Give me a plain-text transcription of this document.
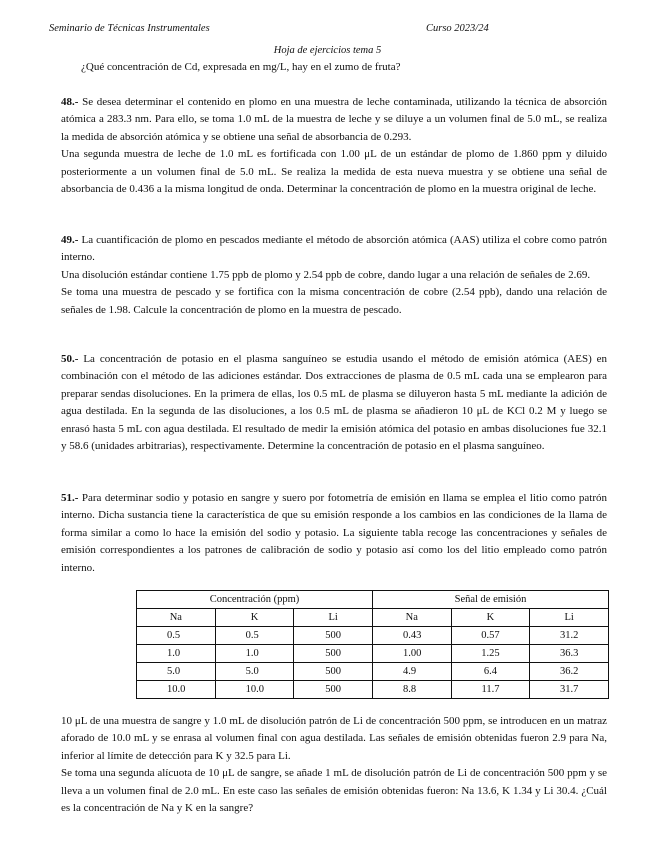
Seminario de Técnicas Instrumentales	Curso 2023/24
Hoja de ejercicios tema 5
¿Qué concentración de Cd, expresada en mg/L, hay en el zumo de fruta?

48.- Se desea determinar el contenido en plomo en una muestra de leche contaminada, utilizando la técnica de absorción atómica a 283.3 nm. Para ello, se toma 1.0 mL de la muestra de leche y se diluye a un volumen final de 5.0 mL, se realiza la medida de absorción atómica y se obtiene una señal de absorbancia de 0.293.

Una segunda muestra de leche de 1.0 mL es fortificada con 1.00 μL de un estándar de plomo de 1.860 ppm y diluido posteriormente a un volumen final de 5.0 mL. Se realiza la medida de esta nueva muestra y se obtiene una señal de absorbancia de 0.436 a la misma longitud de onda. Determinar la concentración de plomo en la muestra original de leche.

49.- La cuantificación de plomo en pescados mediante el método de absorción atómica (AAS) utiliza el cobre como patrón interno.

Una disolución estándar contiene 1.75 ppb de plomo y 2.54 ppb de cobre, dando lugar a una relación de señales de 2.69.

Se toma una muestra de pescado y se fortifica con la misma concentración de cobre (2.54 ppb), dando una relación de señales de 1.98. Calcule la concentración de plomo en la muestra de pescado.

50.- La concentración de potasio en el plasma sanguíneo se estudia usando el método de emisión atómica (AES) en combinación con el método de las adiciones estándar. Dos extracciones de plasma de 0.5 mL cada una se emplearon para preparar sendas disoluciones. En la primera de ellas, los 0.5 mL de plasma se diluyeron hasta 5 mL mediante la adición de agua destilada. En la segunda de las disoluciones, a los 0.5 mL de plasma se añadieron 10 μL de KCl 0.2 M y luego se enrasó hasta 5 mL con agua destilada. El resultado de medir la emisión atómica del potasio en ambas disoluciones fue 32.1 y 58.6 (unidades arbitrarias), respectivamente. Determine la concentración de potasio en el plasma sanguíneo.

51.- Para determinar sodio y potasio en sangre y suero por fotometría de emisión en llama se emplea el litio como patrón interno. Dicha sustancia tiene la característica de que su emisión responde a los cambios en las condiciones de la llama de forma similar a como lo hace la emisión del sodio y potasio. La siguiente tabla recoge las concentraciones y señales de emisión correspondientes a los patrones de calibración de sodio y potasio así como los del litio empleado como patrón interno.

Concentración (ppm)			Señal de emisión		
Na	K	Li	Na	K	Li
0.5	0.5	500	0.43	0.57	31.2
1.0	1.0	500	1.00	1.25	36.3
5.0	5.0	500	4.9	6.4	36.2
10.0	10.0	500	8.8	11.7	31.7

10 μL de una muestra de sangre y 1.0 mL de disolución patrón de Li de concentración 500 ppm, se introducen en un matraz aforado de 10.0 mL y se enrasa al volumen final con agua destilada. Las señales de emisión obtenidas fueron 2.9 para Na, inferior al límite de detección para K y 32.5 para Li.

Se toma una segunda alícuota de 10 μL de sangre, se añade 1 mL de disolución patrón de Li de concentración 500 ppm y se lleva a un volumen final de 2.0 mL. En este caso las señales de emisión obtenidas fueron: Na 13.6, K 1.34 y Li 30.4. ¿Cuál es la concentración de Na y K en la sangre?
